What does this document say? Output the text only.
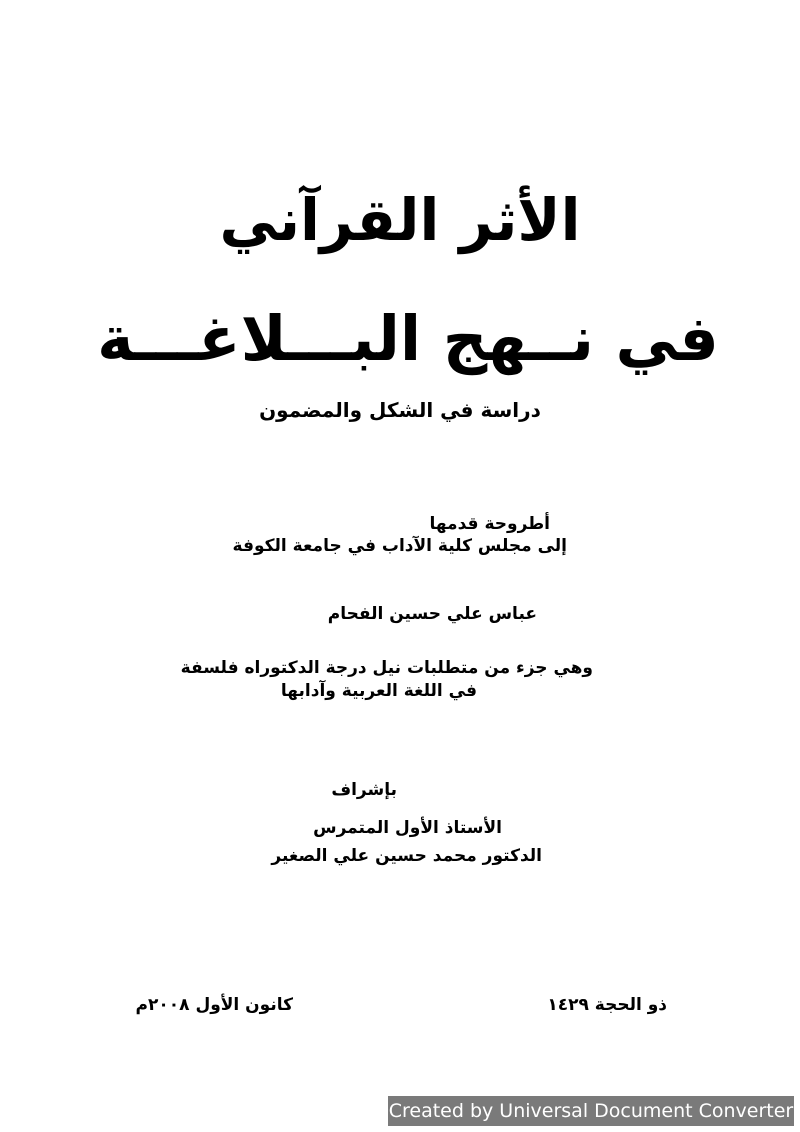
الأثر القرآني
في نــهج البـــلاغـــة
دراسة في الشكل والمضمون
أطروحة قدمها
إلى مجلس كلية الآداب في جامعة الكوفة
عباس علي حسين الفحام
وهي جزء من متطلبات نيل درجة الدكتوراه فلسفة
في اللغة العربية وآدابها
بإشراف
الأستاذ الأول المتمرس
الدكتور محمد حسين علي الصغير
ذو الحجة ١٤٢٩
كانون الأول ٢٠٠٨م
Created by Universal Document Converter
